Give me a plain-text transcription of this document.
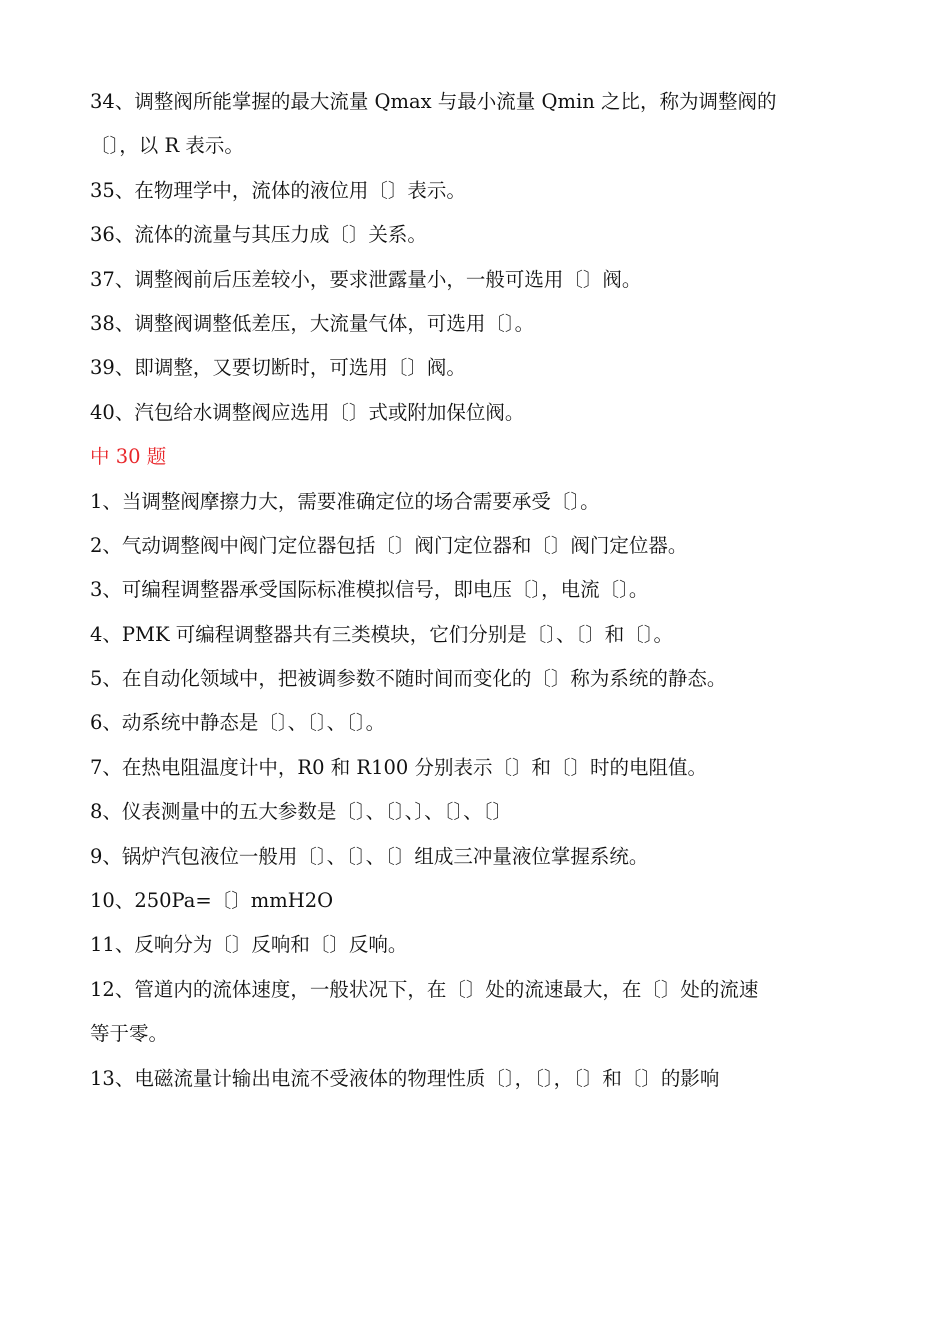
34、调整阀所能掌握的最大流量 Qmax 与最小流量 Qmin 之比，称为调整阀的
〔〕，以 R 表示。
35、在物理学中，流体的液位用〔〕表示。
36、流体的流量与其压力成〔〕关系。
37、调整阀前后压差较小，要求泄露量小，一般可选用〔〕阀。
38、调整阀调整低差压，大流量气体，可选用〔〕。
39、即调整，又要切断时，可选用〔〕阀。
40、汽包给水调整阀应选用〔〕式或附加保位阀。
中 30 题
1、当调整阀摩擦力大，需要准确定位的场合需要承受〔〕。
2、气动调整阀中阀门定位器包括〔〕阀门定位器和〔〕阀门定位器。
3、可编程调整器承受国际标准模拟信号，即电压〔〕，电流〔〕。
4、PMK 可编程调整器共有三类模块，它们分别是〔〕、〔〕和〔〕。
5、在自动化领域中，把被调参数不随时间而变化的〔〕称为系统的静态。
6、动系统中静态是〔〕、〔〕、〔〕。
7、在热电阻温度计中，R0 和 R100 分别表示〔〕和〔〕时的电阻值。
8、仪表测量中的五大参数是〔〕、〔〕、〕、〔〕、〔〕
9、锅炉汽包液位一般用〔〕、〔〕、〔〕组成三冲量液位掌握系统。
10、250Pa=〔〕mmH2O
11、反响分为〔〕反响和〔〕反响。
12、管道内的流体速度，一般状况下，在〔〕处的流速最大，在〔〕处的流速
等于零。
13、电磁流量计输出电流不受液体的物理性质〔〕，〔〕，〔〕和〔〕的影响
